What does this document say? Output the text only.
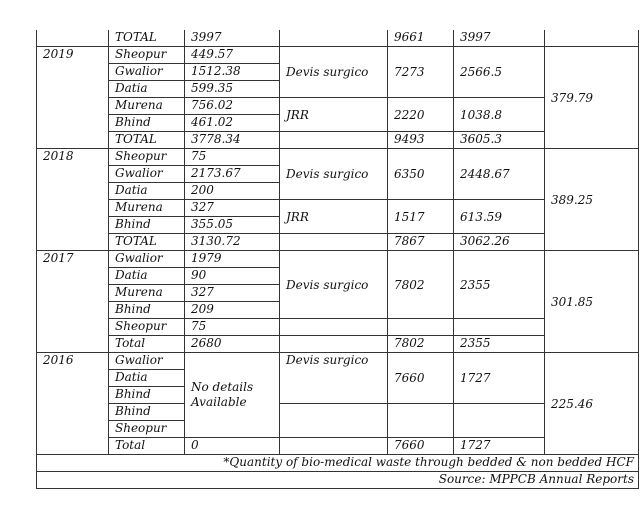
	TOTAL	3997		9661	3997	
2019	Sheopur	449.57	Devis surgico	7273	2566.5	379.79
	Gwalior	1512.38				
	Datia	599.35				
	Murena	756.02	JRR	2220	1038.8	
	Bhind	461.02				
	TOTAL	3778.34		9493	3605.3	
2018	Sheopur	75	Devis surgico	6350	2448.67	389.25
	Gwalior	2173.67				
	Datia	200				
	Murena	327	JRR	1517	613.59	
	Bhind	355.05				
	TOTAL	3130.72		7867	3062.26	
2017	Gwalior	1979	Devis surgico	7802	2355	301.85
	Datia	90				
	Murena	327				
	Bhind	209				
	Sheopur	75				
	Total	2680		7802	2355	
2016	Gwalior	No details Available	Devis surgico	7660	1727	225.46
	Datia					
	Bhind					
	Bhind					
	Sheopur					
	Total	0		7660	1727	
*Quantity of bio-medical waste through bedded & non bedded HCF						
Source: MPPCB Annual Reports						
